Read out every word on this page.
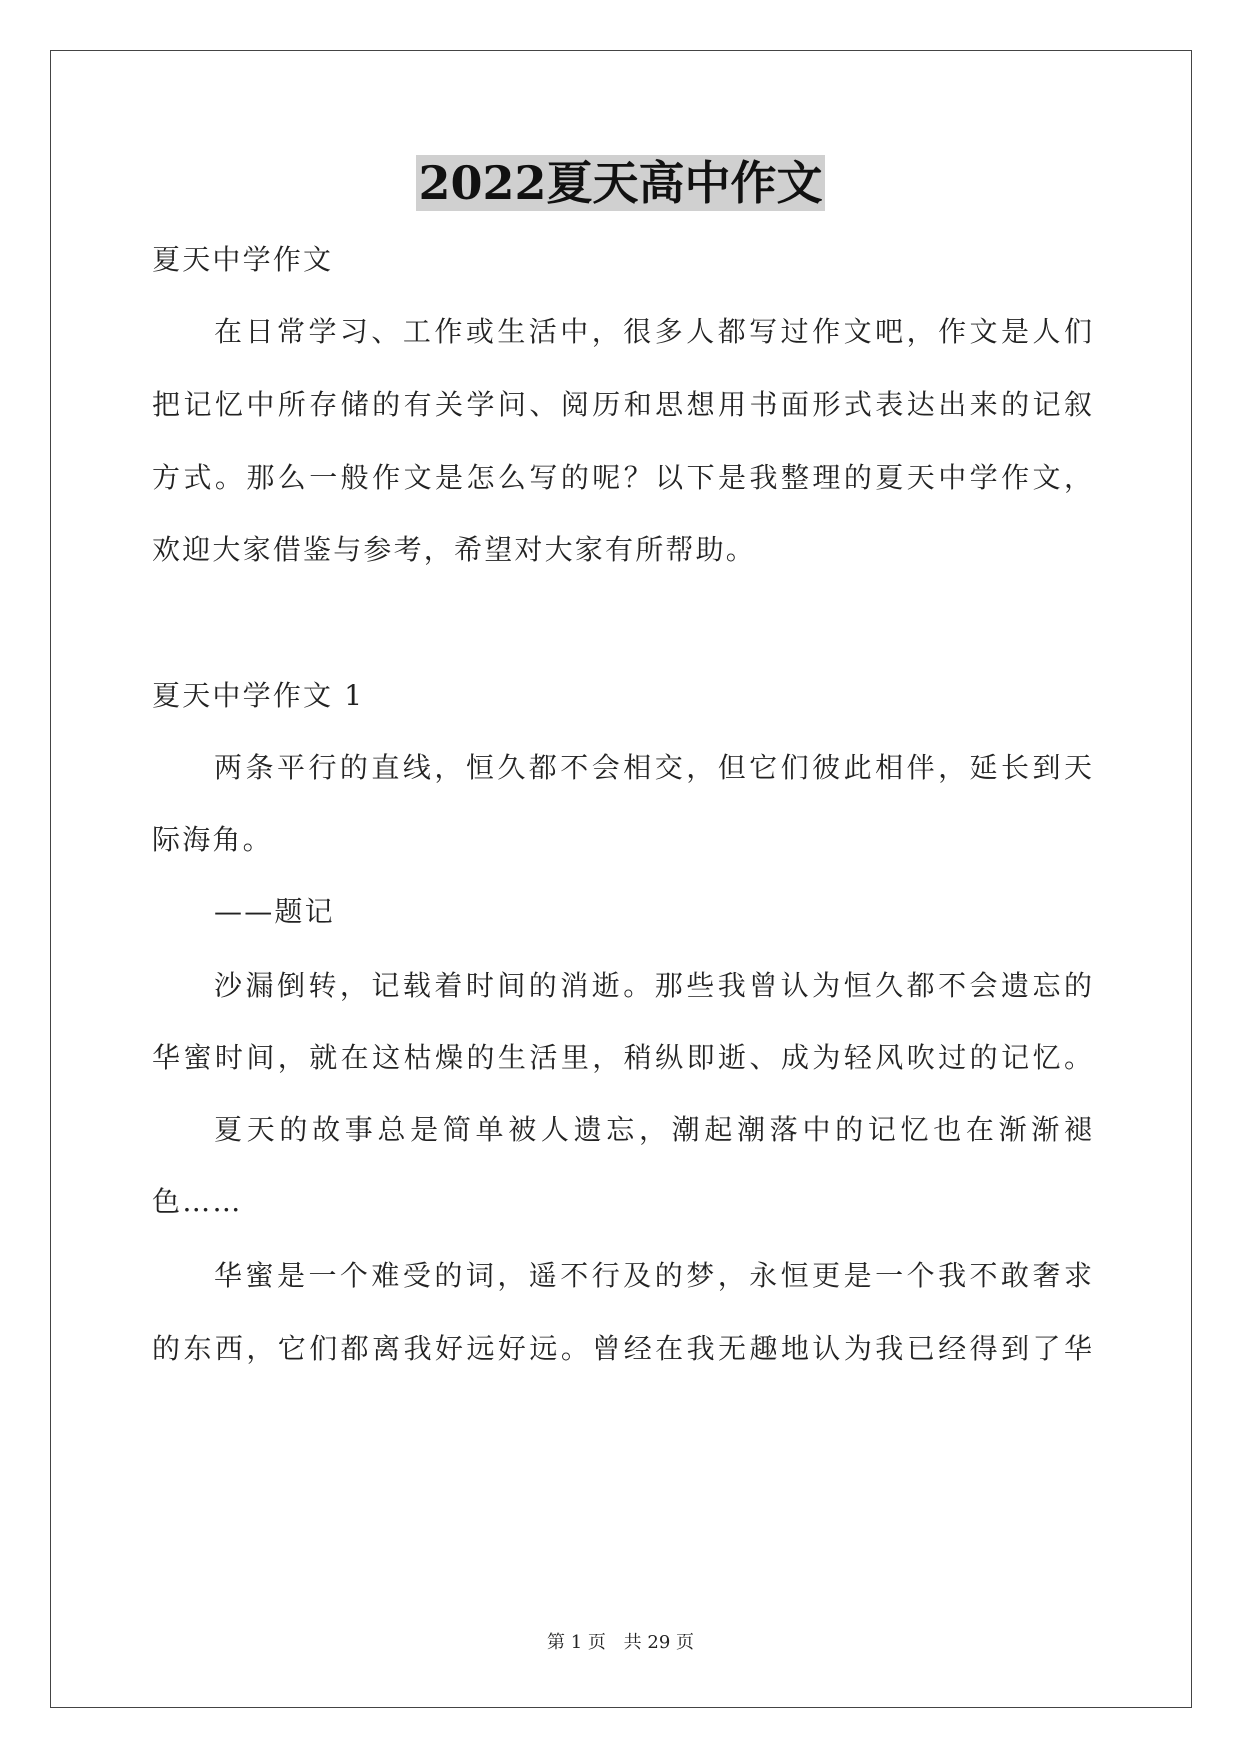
2022夏天高中作文
夏天中学作文
在日常学习、工作或生活中，很多人都写过作文吧，作文是人们
把记忆中所存储的有关学问、阅历和思想用书面形式表达出来的记叙
方式。那么一般作文是怎么写的呢？以下是我整理的夏天中学作文，
欢迎大家借鉴与参考，希望对大家有所帮助。
夏天中学作文 1
两条平行的直线，恒久都不会相交，但它们彼此相伴，延长到天
际海角。
——题记
沙漏倒转，记载着时间的消逝。那些我曾认为恒久都不会遗忘的
华蜜时间，就在这枯燥的生活里，稍纵即逝、成为轻风吹过的记忆。
夏天的故事总是简单被人遗忘，潮起潮落中的记忆也在渐渐褪
色……
华蜜是一个难受的词，遥不行及的梦，永恒更是一个我不敢奢求
的东西，它们都离我好远好远。曾经在我无趣地认为我已经得到了华
第 1 页 共 29 页
